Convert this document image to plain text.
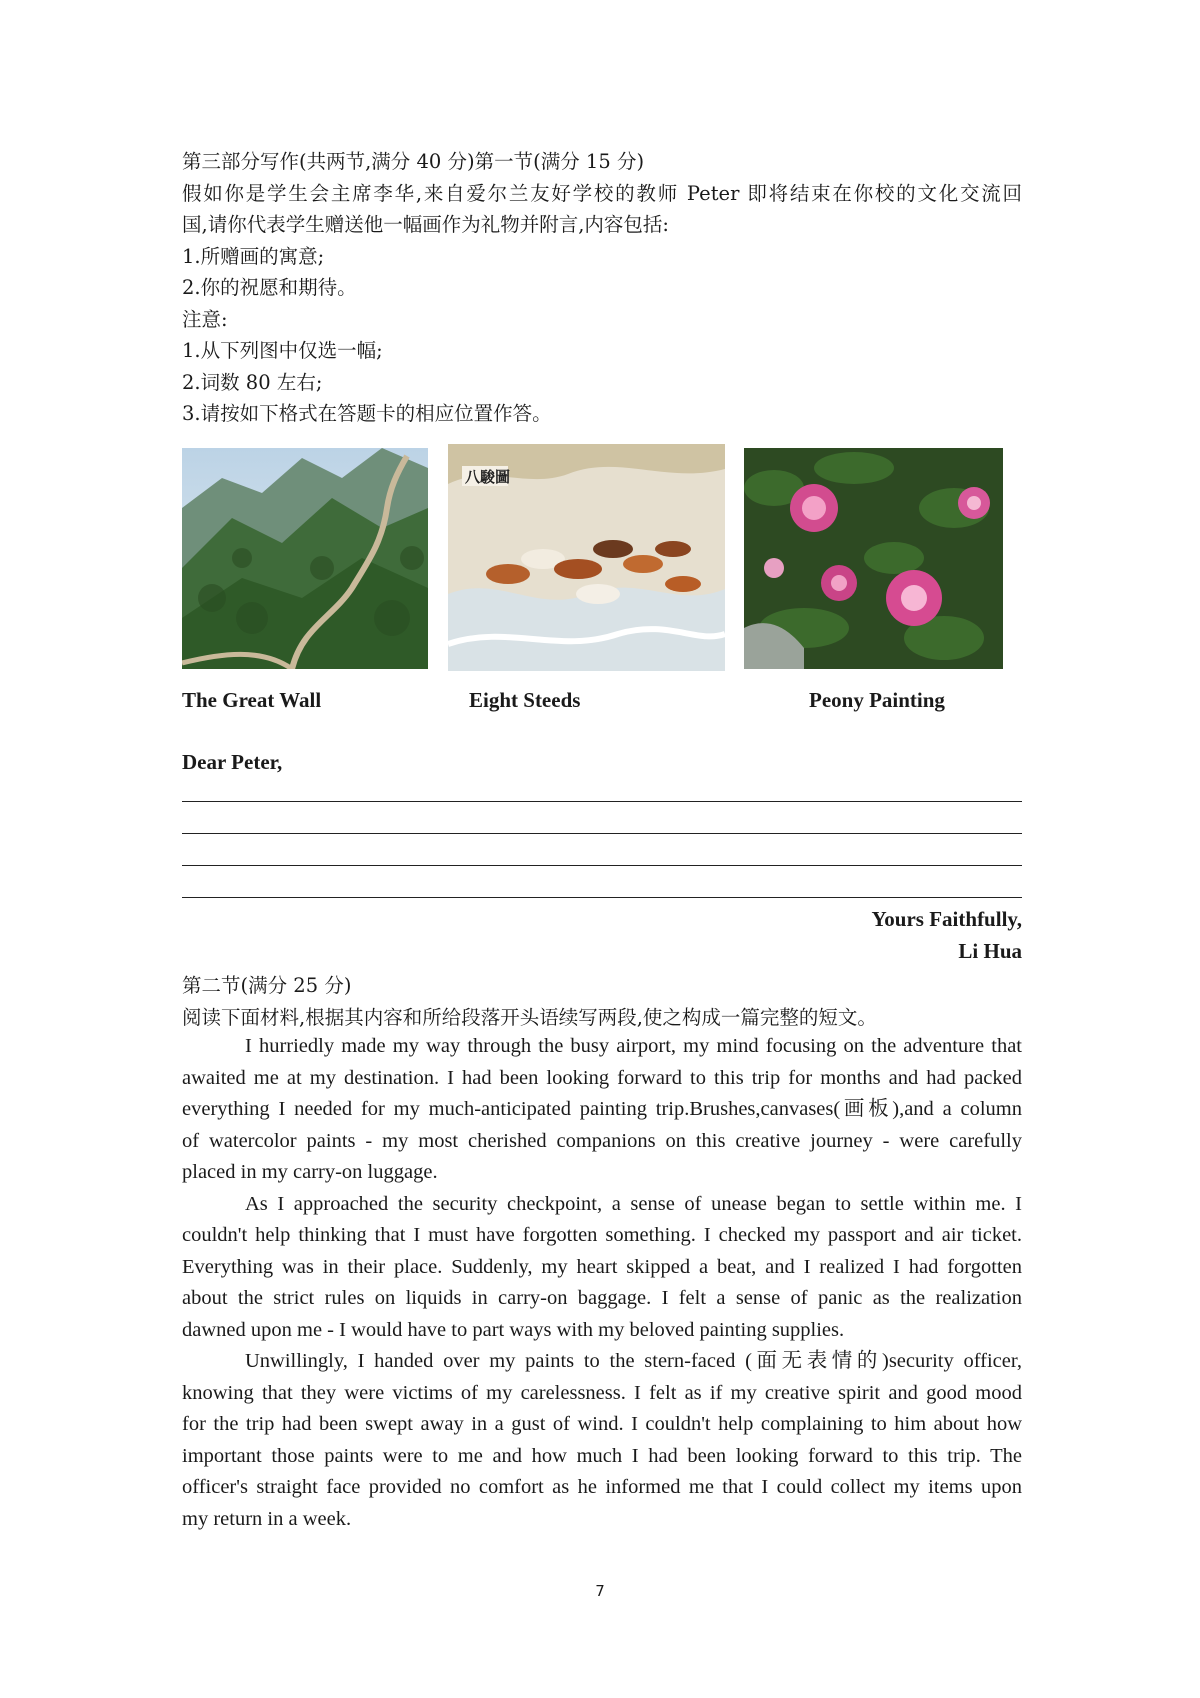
第三部分写作(共两节,满分 40 分)第一节(满分 15 分)
假如你是学生会主席李华,来自爱尔兰友好学校的教师 Peter 即将结束在你校的文化交流回
国,请你代表学生赠送他一幅画作为礼物并附言,内容包括:
1.所赠画的寓意;
2.你的祝愿和期待。
注意:
1.从下列图中仅选一幅;
2.词数 80 左右;
3.请按如下格式在答题卡的相应位置作答。
八駿圖
The Great Wall	Eight Steeds	Peony Painting
Dear Peter,
Yours Faithfully,
Li Hua
第二节(满分 25 分)
阅读下面材料,根据其内容和所给段落开头语续写两段,使之构成一篇完整的短文。
I hurriedly made my way through the busy airport, my mind focusing on the adventure that
awaited me at my destination. I had been looking forward to this trip for months and had packed
everything I needed for my much-anticipated painting trip.Brushes,canvases(画板),and a column
of watercolor paints - my most cherished companions on this creative journey - were carefully
placed in my carry-on luggage.
As I approached the security checkpoint, a sense of unease began to settle within me. I
couldn't help thinking that I must have forgotten something. I checked my passport and air ticket.
Everything was in their place. Suddenly, my heart skipped a beat, and I realized I had forgotten
about the strict rules on liquids in carry-on baggage. I felt a sense of panic as the realization
dawned upon me - I would have to part ways with my beloved painting supplies.
Unwillingly, I handed over my paints to the stern-faced (面无表情的)security officer,
knowing that they were victims of my carelessness. I felt as if my creative spirit and good mood
for the trip had been swept away in a gust of wind. I couldn't help complaining to him about how
important those paints were to me and how much I had been looking forward to this trip. The
officer's straight face provided no comfort as he informed me that I could collect my items upon
my return in a week.
7
